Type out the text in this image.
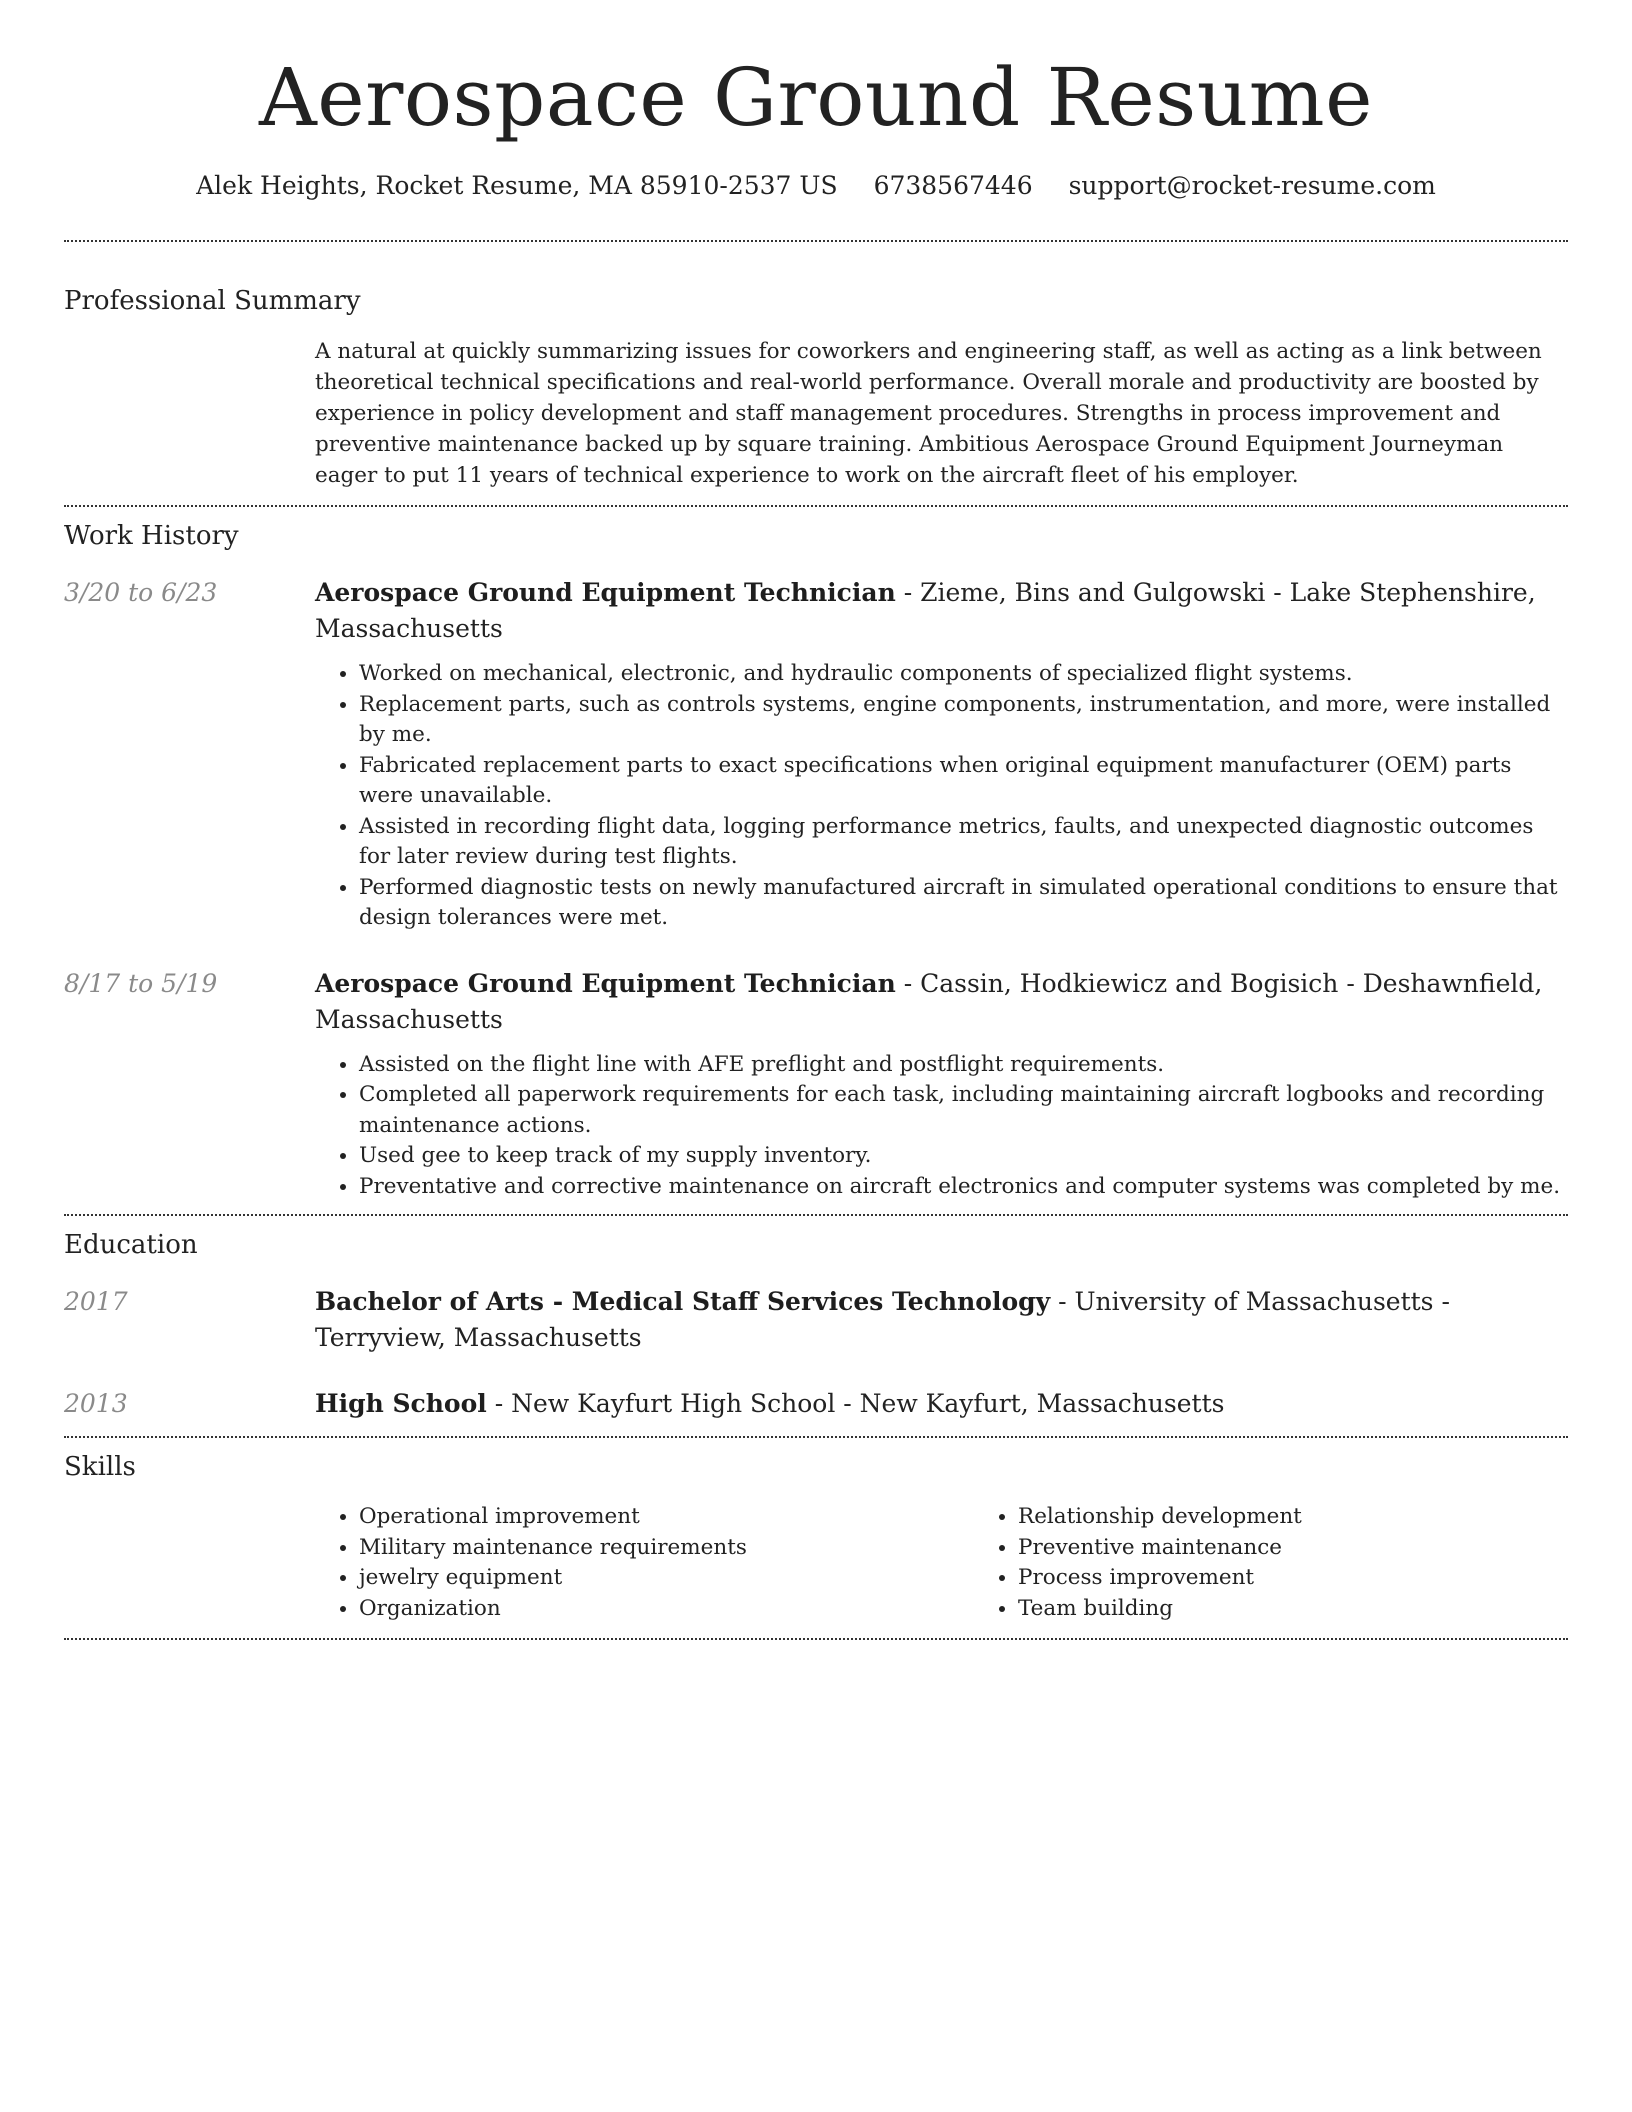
Aerospace Ground Resume
Alek Heights, Rocket Resume, MA 85910-2537 US 6738567446 support@rocket-resume.com
Professional Summary

A natural at quickly summarizing issues for coworkers and engineering staff, as well as acting as a link between theoretical technical specifications and real-world performance. Overall morale and productivity are boosted by experience in policy development and staff management procedures. Strengths in process improvement and preventive maintenance backed up by square training. Ambitious Aerospace Ground Equipment Journeyman eager to put 11 years of technical experience to work on the aircraft fleet of his employer.

Work History
3/20 to 6/23	Aerospace Ground Equipment Technician - Zieme, Bins and Gulgowski - Lake Stephenshire, Massachusetts
• Worked on mechanical, electronic, and hydraulic components of specialized flight systems.
• Replacement parts, such as controls systems, engine components, instrumentation, and more, were installed by me.
• Fabricated replacement parts to exact specifications when original equipment manufacturer (OEM) parts were unavailable.
• Assisted in recording flight data, logging performance metrics, faults, and unexpected diagnostic outcomes for later review during test flights.
• Performed diagnostic tests on newly manufactured aircraft in simulated operational conditions to ensure that design tolerances were met.
8/17 to 5/19	Aerospace Ground Equipment Technician - Cassin, Hodkiewicz and Bogisich - Deshawnfield, Massachusetts
• Assisted on the flight line with AFE preflight and postflight requirements.
• Completed all paperwork requirements for each task, including maintaining aircraft logbooks and recording maintenance actions.
• Used gee to keep track of my supply inventory.
• Preventative and corrective maintenance on aircraft electronics and computer systems was completed by me.
Education
2017	Bachelor of Arts - Medical Staff Services Technology - University of Massachusetts - Terryview, Massachusetts
2013	High School - New Kayfurt High School - New Kayfurt, Massachusetts
Skills
• Operational improvement
• Military maintenance requirements
• jewelry equipment
• Organization
• Relationship development
• Preventive maintenance
• Process improvement
• Team building
